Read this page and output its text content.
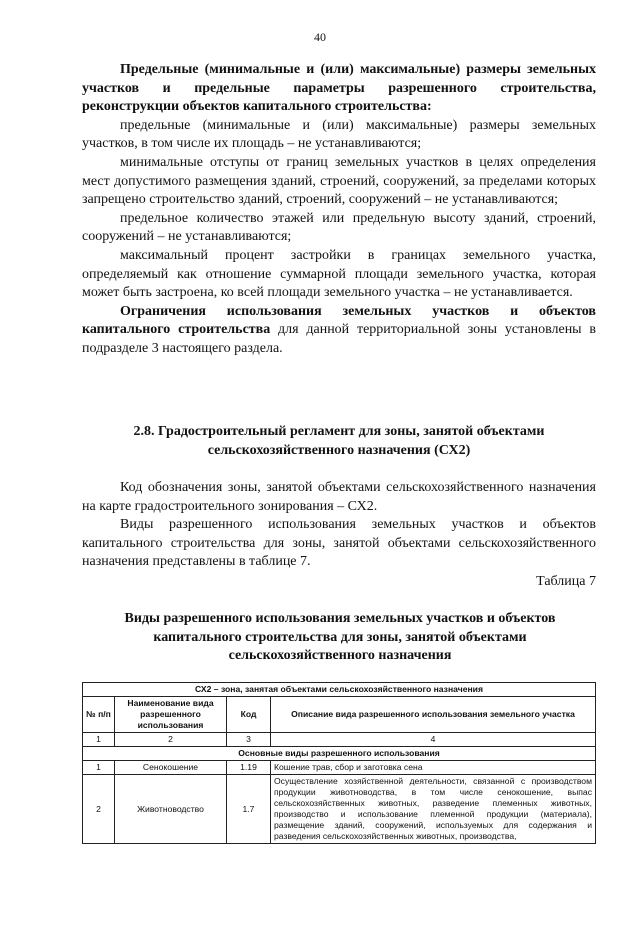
40

Предельные (минимальные и (или) максимальные) размеры земельных участков и предельные параметры разрешенного строительства, реконструкции объектов капитального строительства:

предельные (минимальные и (или) максимальные) размеры земельных участков, в том числе их площадь – не устанавливаются;

минимальные отступы от границ земельных участков в целях определения мест допустимого размещения зданий, строений, сооружений, за пределами которых запрещено строительство зданий, строений, сооружений – не устанавливаются;

предельное количество этажей или предельную высоту зданий, строений, сооружений – не устанавливаются;

максимальный процент застройки в границах земельного участка, определяемый как отношение суммарной площади земельного участка, которая может быть застроена, ко всей площади земельного участка – не устанавливается.

Ограничения использования земельных участков и объектов капитального строительства для данной территориальной зоны установлены в подразделе 3 настоящего раздела.

2.8. Градостроительный регламент для зоны, занятой объектами сельскохозяйственного назначения (СХ2)

Код обозначения зоны, занятой объектами сельскохозяйственного назначения на карте градостроительного зонирования – СХ2.

Виды разрешенного использования земельных участков и объектов капитального строительства для зоны, занятой объектами сельскохозяйственного назначения представлены в таблице 7.

Таблица 7
Виды разрешенного использования земельных участков и объектов капитального строительства для зоны, занятой объектами сельскохозяйственного назначения
СХ2 – зона, занятая объектами сельскохозяйственного назначения			
№ п/п	Наименование вида разрешенного использования	Код	Описание вида разрешенного использования земельного участка
1	2	3	4
Основные виды разрешенного использования			
1	Сенокошение	1.19	Кошение трав, сбор и заготовка сена
2	Животноводство	1.7	Осуществление хозяйственной деятельности, связанной с производством продукции животноводства, в том числе сенокошение, выпас сельскохозяйственных животных, разведение племенных животных, производство и использование племенной продукции (материала), размещение зданий, сооружений, используемых для содержания и разведения сельскохозяйственных животных, производства,
